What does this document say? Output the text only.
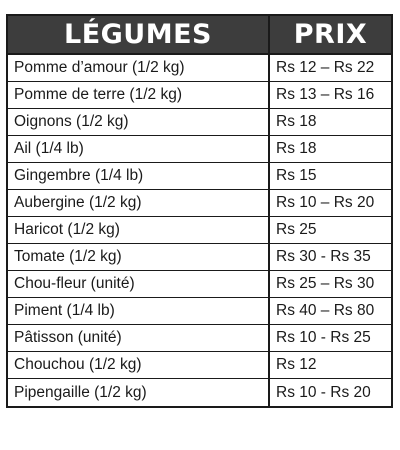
LÉGUMES	PRIX
Pomme d’amour (1/2 kg)	Rs 12 – Rs 22
Pomme de terre (1/2 kg)	Rs 13 – Rs 16
Oignons (1/2 kg)	Rs 18
Ail (1/4 lb)	Rs 18
Gingembre (1/4 lb)	Rs 15
Aubergine (1/2 kg)	Rs 10 – Rs 20
Haricot (1/2 kg)	Rs 25
Tomate (1/2 kg)	Rs 30 - Rs 35
Chou-fleur (unité)	Rs 25 – Rs 30
Piment (1/4 lb)	Rs 40 – Rs 80
Pâtisson (unité)	Rs 10 - Rs 25
Chouchou (1/2 kg)	Rs 12
Pipengaille (1/2 kg)	Rs 10 - Rs 20
